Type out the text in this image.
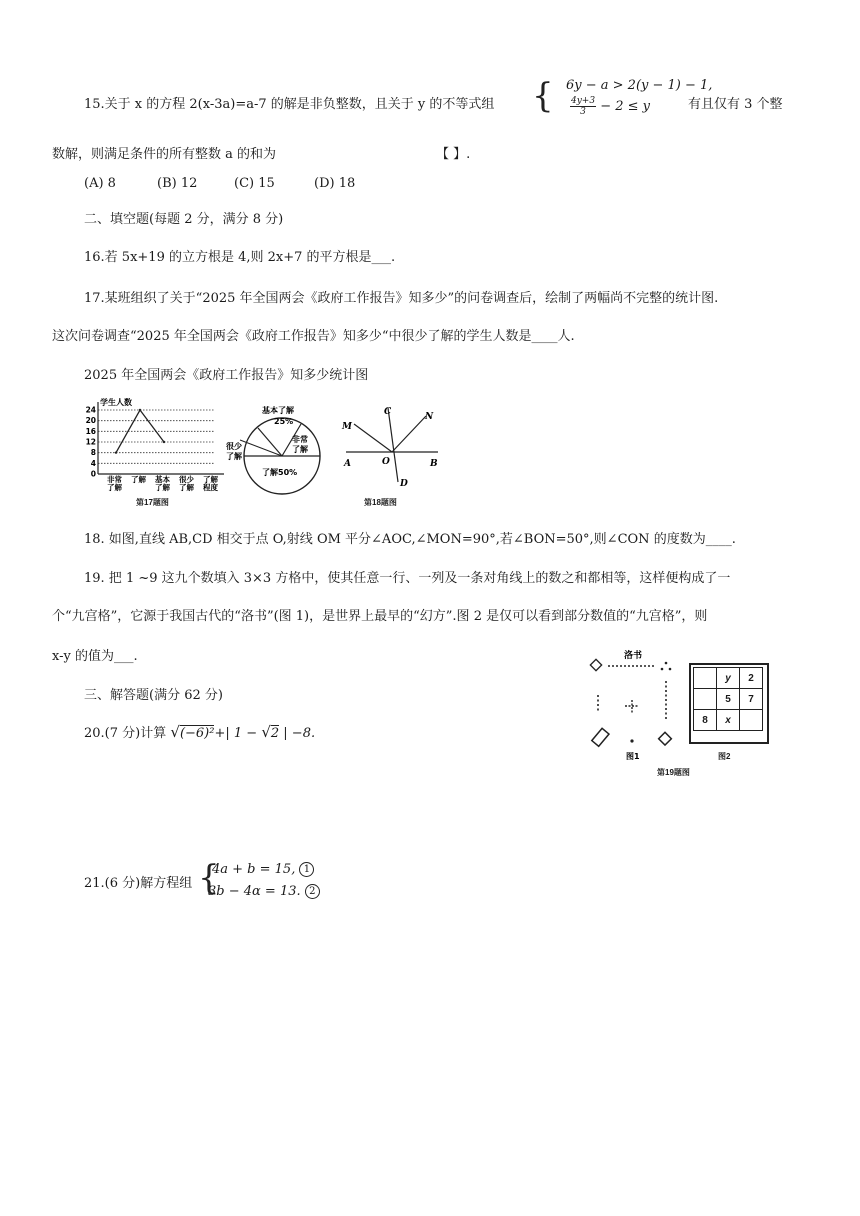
15.关于 x 的方程 2(x-3a)=a-7 的解是非负整数，且关于 y 的不等式组 { 6y − a > 2(y − 1) − 1,
$\frac{4y+3}{3} - 2 \le y$	有且仅有 3 个整
数解，则满足条件的所有整数 a 的和为	【 】.
(A) 8	(B) 12	(C) 15	(D) 18
二、填空题(每题 2 分，满分 8 分)
16.若 5x+19 的立方根是 4,则 2x+7 的平方根是___.
17.某班组织了关于“2025 年全国两会《政府工作报告》知多少”的问卷调查后，绘制了两幅尚不完整的统计图.
这次问卷调查“2025 年全国两会《政府工作报告》知多少“中很少了解的学生人数是____人.
2025 年全国两会《政府工作报告》知多少统计图
学生人数
0
4
8
12
16
20
24
非常
了解
了解 基本
了解
很少
了解
了解
程度
基本了解
25%
很少
了解
非常
了解
了解50%
第17题图
M
C	N
A	O	B
D
第18题图
18. 如图,直线 AB,CD 相交于点 O,射线 OM 平分∠AOC,∠MON=90°,若∠BON=50°,则∠CON 的度数为____.
19. 把 1 ~9 这九个数填入 3×3 方格中，使其任意一行、一列及一条对角线上的数之和都相等，这样便构成了一
个“九宫格”，它源于我国古代的“洛书”(图 1)，是世界上最早的“幻方”.图 2 是仅可以看到部分数值的“九宫格”，则
x-y 的值为___.	洛书
图1
	y	2
	5	7
8	x	
图2
第19题图
三、解答题(满分 62 分)
20.(7 分)计算 √(−6)²+| 1 − √2 | −8.
21.(6 分)解方程组 {
4a + b = 15, 1
3b − 4α = 13. 2
